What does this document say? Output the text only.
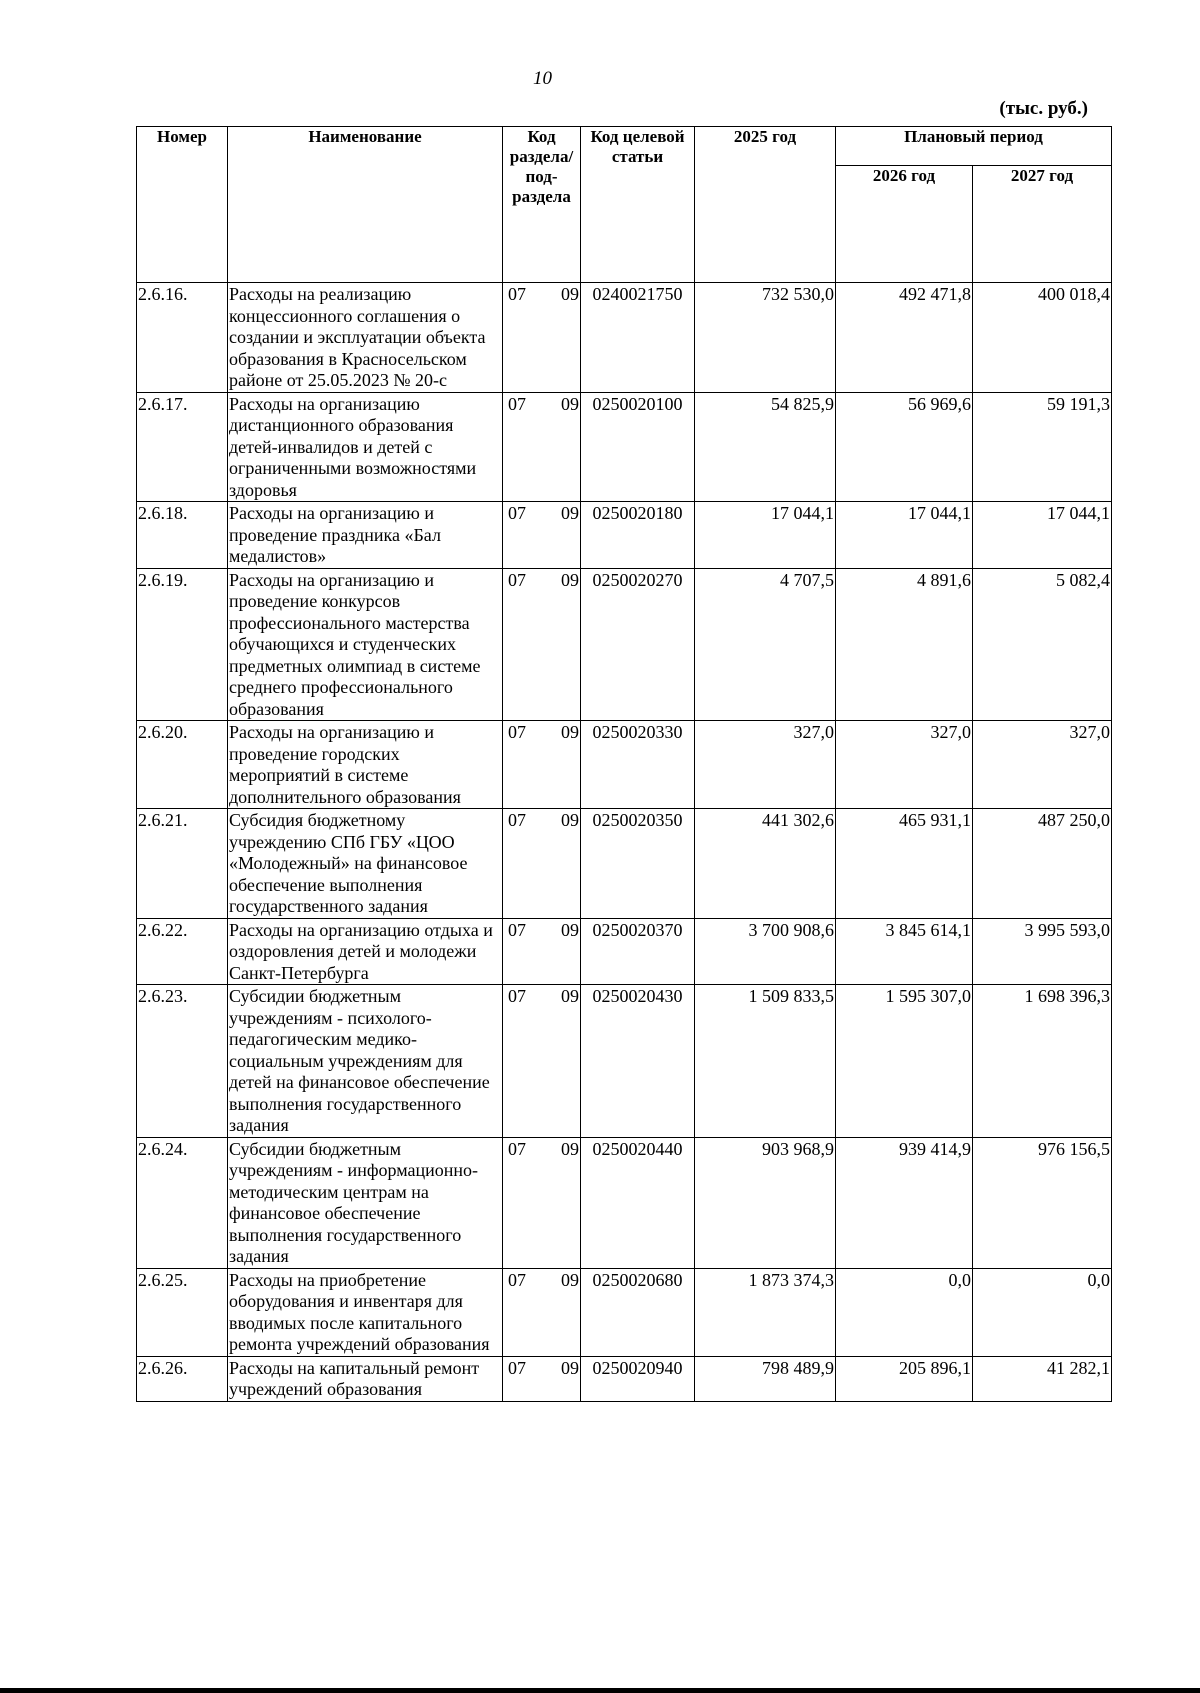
10
(тыс. руб.)
Номер	Наименование	Код раздела/ под- раздела	Код целевой статьи	2025 год	Плановый период	
					2026 год	2027 год
2.6.16.	Расходы на реализацию концессионного соглашения о создании и эксплуатации объекта образования в Красносельском районе от 25.05.2023 № 20-с	07 09	0240021750	732 530,0	492 471,8	400 018,4
2.6.17.	Расходы на организацию дистанционного образования детей-инвалидов и детей с ограниченными возможностями здоровья	07 09	0250020100	54 825,9	56 969,6	59 191,3
2.6.18.	Расходы на организацию и проведение праздника «Бал медалистов»	07 09	0250020180	17 044,1	17 044,1	17 044,1
2.6.19.	Расходы на организацию и проведение конкурсов профессионального мастерства обучающихся и студенческих предметных олимпиад в системе среднего профессионального образования	07 09	0250020270	4 707,5	4 891,6	5 082,4
2.6.20.	Расходы на организацию и проведение городских мероприятий в системе дополнительного образования	07 09	0250020330	327,0	327,0	327,0
2.6.21.	Субсидия бюджетному учреждению СПб ГБУ «ЦОО «Молодежный» на финансовое обеспечение выполнения государственного задания	07 09	0250020350	441 302,6	465 931,1	487 250,0
2.6.22.	Расходы на организацию отдыха и оздоровления детей и молодежи Санкт-Петербурга	07 09	0250020370	3 700 908,6	3 845 614,1	3 995 593,0
2.6.23.	Субсидии бюджетным учреждениям - психолого-педагогическим медико-социальным учреждениям для детей на финансовое обеспечение выполнения государственного задания	07 09	0250020430	1 509 833,5	1 595 307,0	1 698 396,3
2.6.24.	Субсидии бюджетным учреждениям - информационно-методическим центрам на финансовое обеспечение выполнения государственного задания	07 09	0250020440	903 968,9	939 414,9	976 156,5
2.6.25.	Расходы на приобретение оборудования и инвентаря для вводимых после капитального ремонта учреждений образования	07 09	0250020680	1 873 374,3	0,0	0,0
2.6.26.	Расходы на капитальный ремонт учреждений образования	07 09	0250020940	798 489,9	205 896,1	41 282,1
